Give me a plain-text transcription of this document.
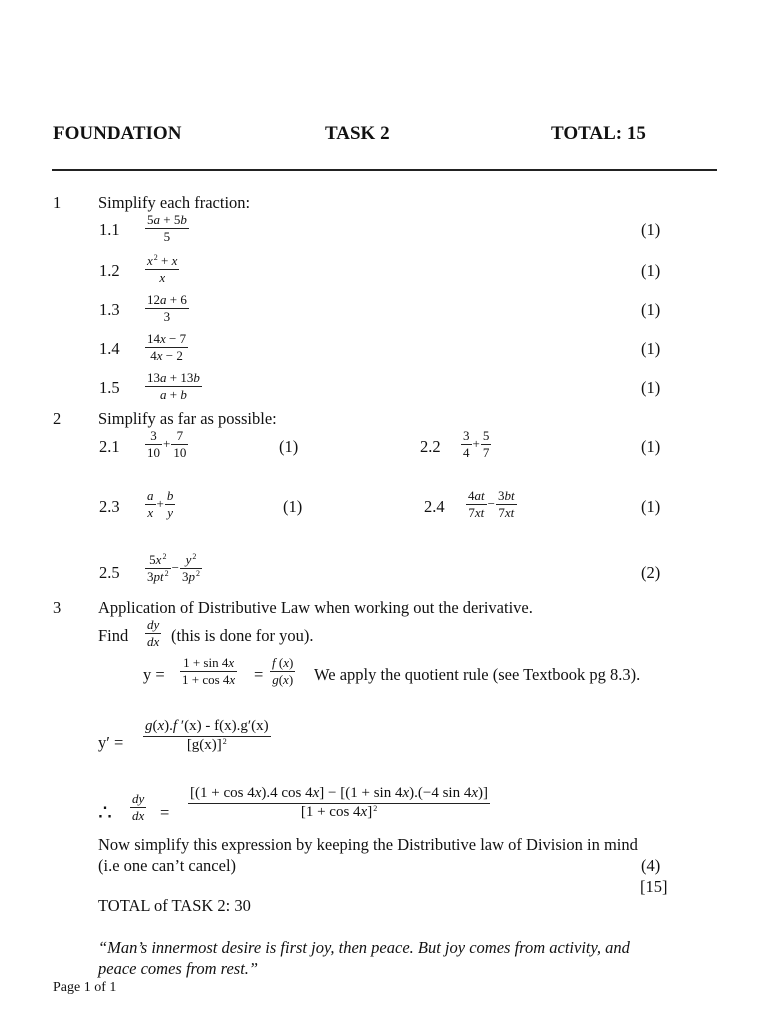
FOUNDATION	TASK 2	TOTAL: 15
1 Simplify each fraction:
$1.1 \frac{5a + 5b}{5}$	(1)
$1.2 \frac{x^2 + x}{x}$	(1)
$1.3 \frac{12a + 6}{3}$	(1)
$1.4 \frac{14x - 7}{4x - 2}$	(1)
$1.5 \frac{13a + 13b}{a + b}$	(1)
2 Simplify as far as possible:
$2.1 \frac{3}{10} + \frac{7}{10}$	(1)	$2.2 \frac{3}{4} + \frac{5}{7}$	(1)
$2.3 \frac{a}{x} + \frac{b}{y}$	(1)	$2.4 \frac{4at}{7xt} - \frac{3bt}{7xt}$	(1)
$2.5 \frac{5x^2}{3pt^2} - \frac{y^2}{3p^2}$	(2)
3 Application of Distributive Law when working out the derivative.
Find $\frac{dy}{dx}$ (this is done for you).
$y = \frac{1 + \sin 4x}{1 + \cos 4x} = \frac{f (x)}{g(x)}$ We apply the quotient rule (see Textbook pg 8.3).
$y' = \frac{g(x).f '(x) - f(x).g'(x)}{[g(x)]^2}$
∴ $\frac{dy}{dx} = \frac{[(1 + \cos 4x).4 \cos 4x] - [(1 + \sin 4x).(-4 \sin 4x)]}{[1 + \cos 4x]^2}$
Now simplify this expression by keeping the Distributive law of Division in mind
(i.e one can’t cancel)	(4)
[15]
TOTAL of TASK 2: 30
“Man’s innermost desire is first joy, then peace. But joy comes from activity, and
peace comes from rest.”
Page 1 of 1
